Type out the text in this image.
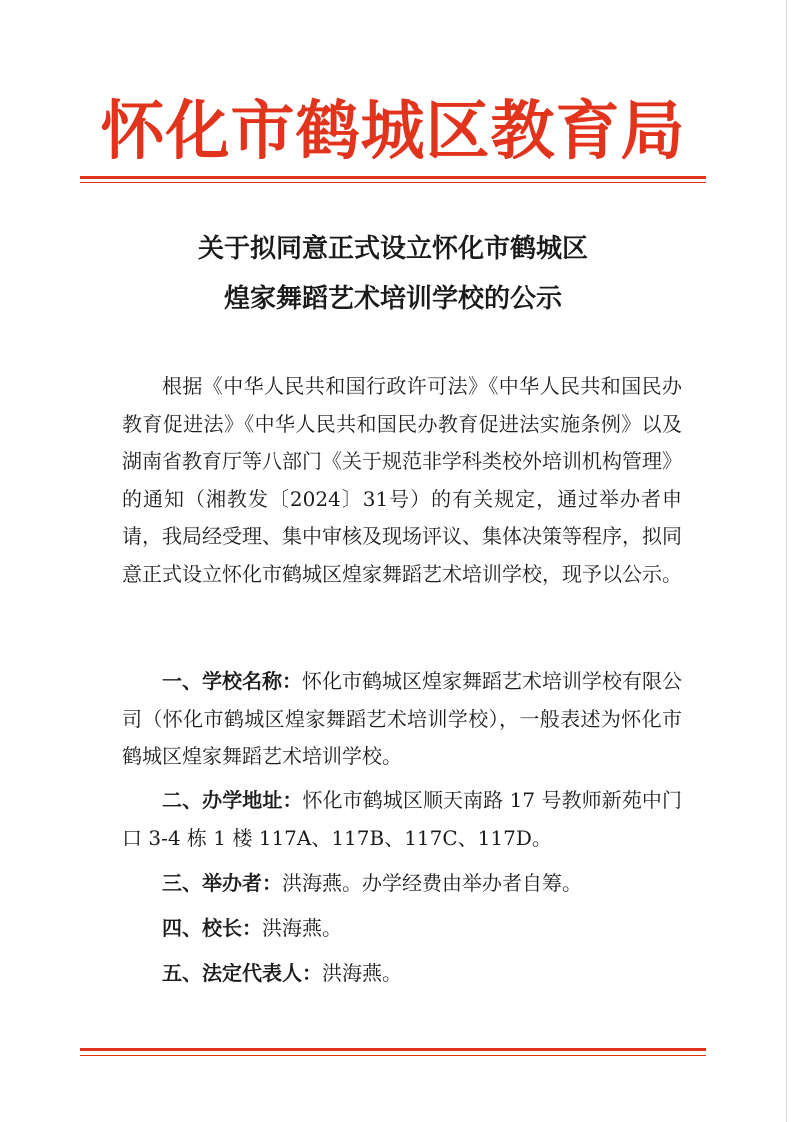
怀化市鹤城区教育局
关于拟同意正式设立怀化市鹤城区
煌家舞蹈艺术培训学校的公示

根据《中华人民共和国行政许可法》《中华人民共和国民办教育促进法》《中华人民共和国民办教育促进法实施条例》以及湖南省教育厅等八部门《关于规范非学科类校外培训机构管理》的通知（湘教发〔2024〕31号）的有关规定，通过举办者申请，我局经受理、集中审核及现场评议、集体决策等程序，拟同意正式设立怀化市鹤城区煌家舞蹈艺术培训学校，现予以公示。

一、学校名称：怀化市鹤城区煌家舞蹈艺术培训学校有限公司（怀化市鹤城区煌家舞蹈艺术培训学校），一般表述为怀化市鹤城区煌家舞蹈艺术培训学校。

二、办学地址：怀化市鹤城区顺天南路 17 号教师新苑中门口 3-4 栋 1 楼 117A、117B、117C、117D。

三、举办者：洪海燕。办学经费由举办者自筹。

四、校长：洪海燕。

五、法定代表人：洪海燕。
